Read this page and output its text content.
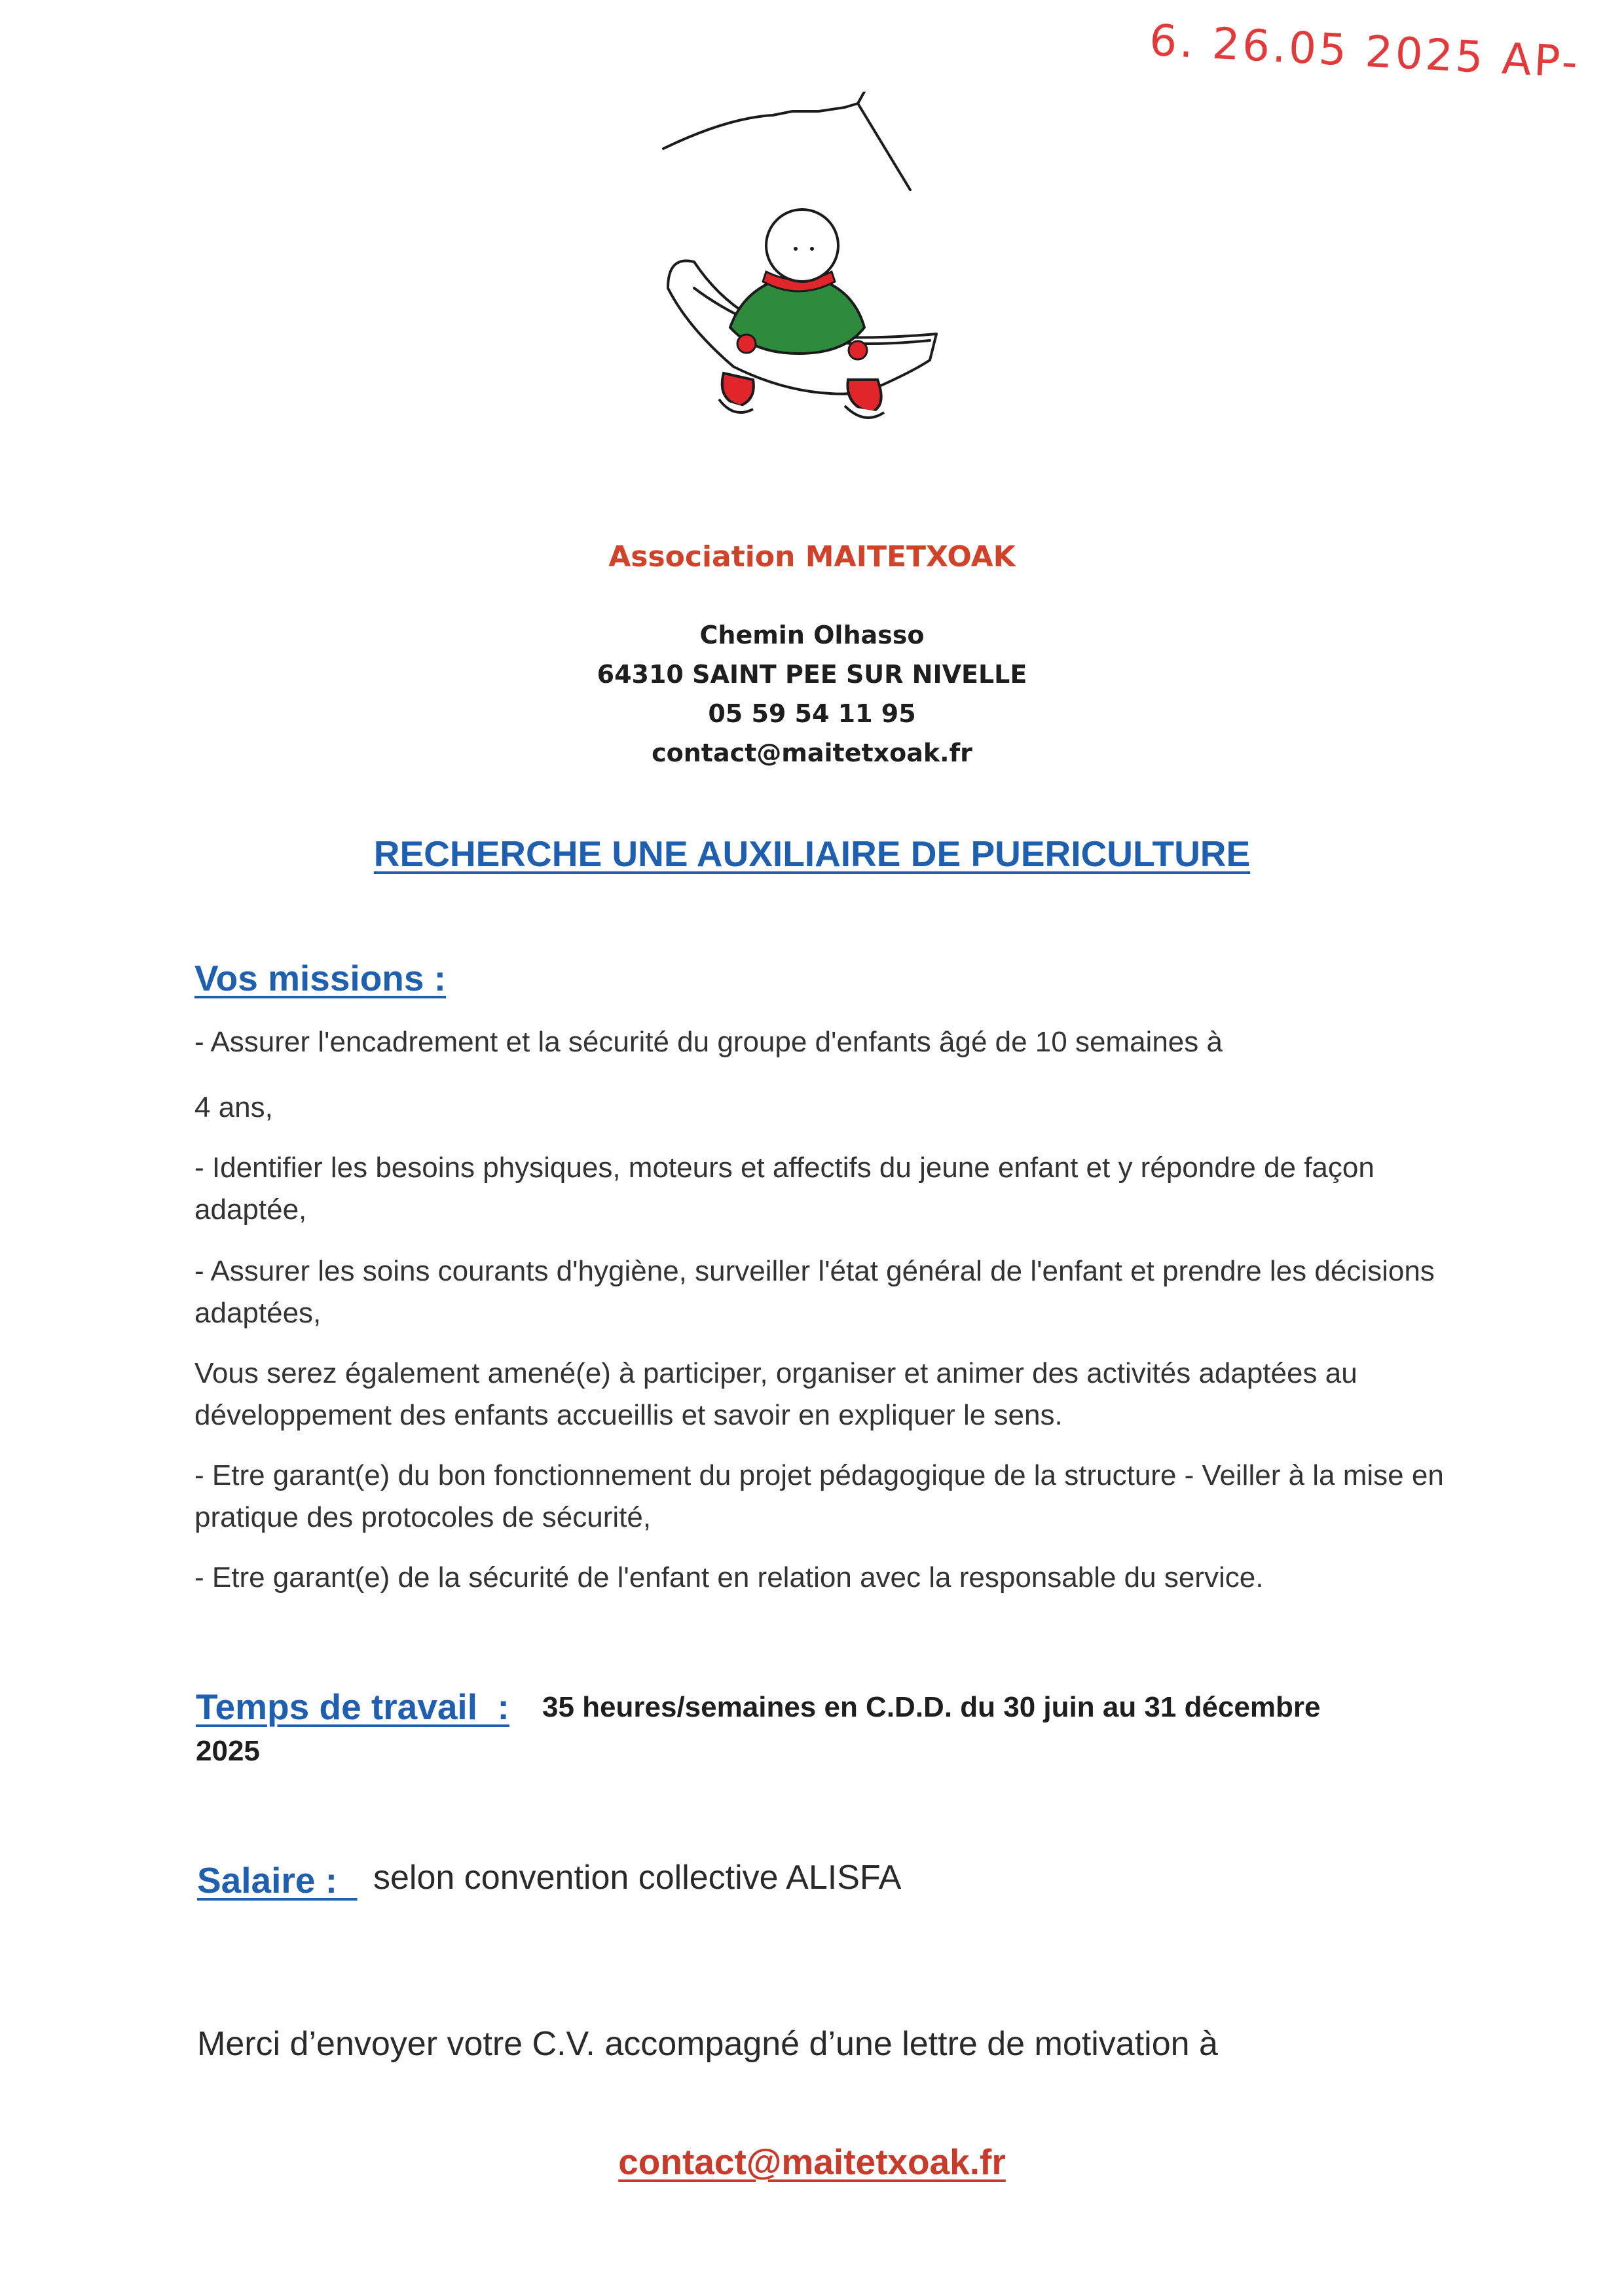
6. 26.05 2025 AP-
Association MAITETXOAK
Chemin Olhasso
64310 SAINT PEE SUR NIVELLE
05 59 54 11 95
contact@maitetxoak.fr
RECHERCHE UNE AUXILIAIRE DE PUERICULTURE
Vos missions :
- Assurer l'encadrement et la sécurité du groupe d'enfants âgé de 10 semaines à
4 ans,
- Identifier les besoins physiques, moteurs et affectifs du jeune enfant et y répondre de façon adaptée,
- Assurer les soins courants d'hygiène, surveiller l'état général de l'enfant et prendre les décisions adaptées,
Vous serez également amené(e) à participer, organiser et animer des activités adaptées au développement des enfants accueillis et savoir en expliquer le sens.
- Etre garant(e) du bon fonctionnement du projet pédagogique de la structure - Veiller à la mise en pratique des protocoles de sécurité,
- Etre garant(e) de la sécurité de l'enfant en relation avec la responsable du service.
Temps de travail  : 35 heures/semaines en C.D.D. du 30 juin au 31 décembre
2025
Salaire : selon convention collective ALISFA
Merci d’envoyer votre C.V. accompagné d’une lettre de motivation à
contact@maitetxoak.fr
